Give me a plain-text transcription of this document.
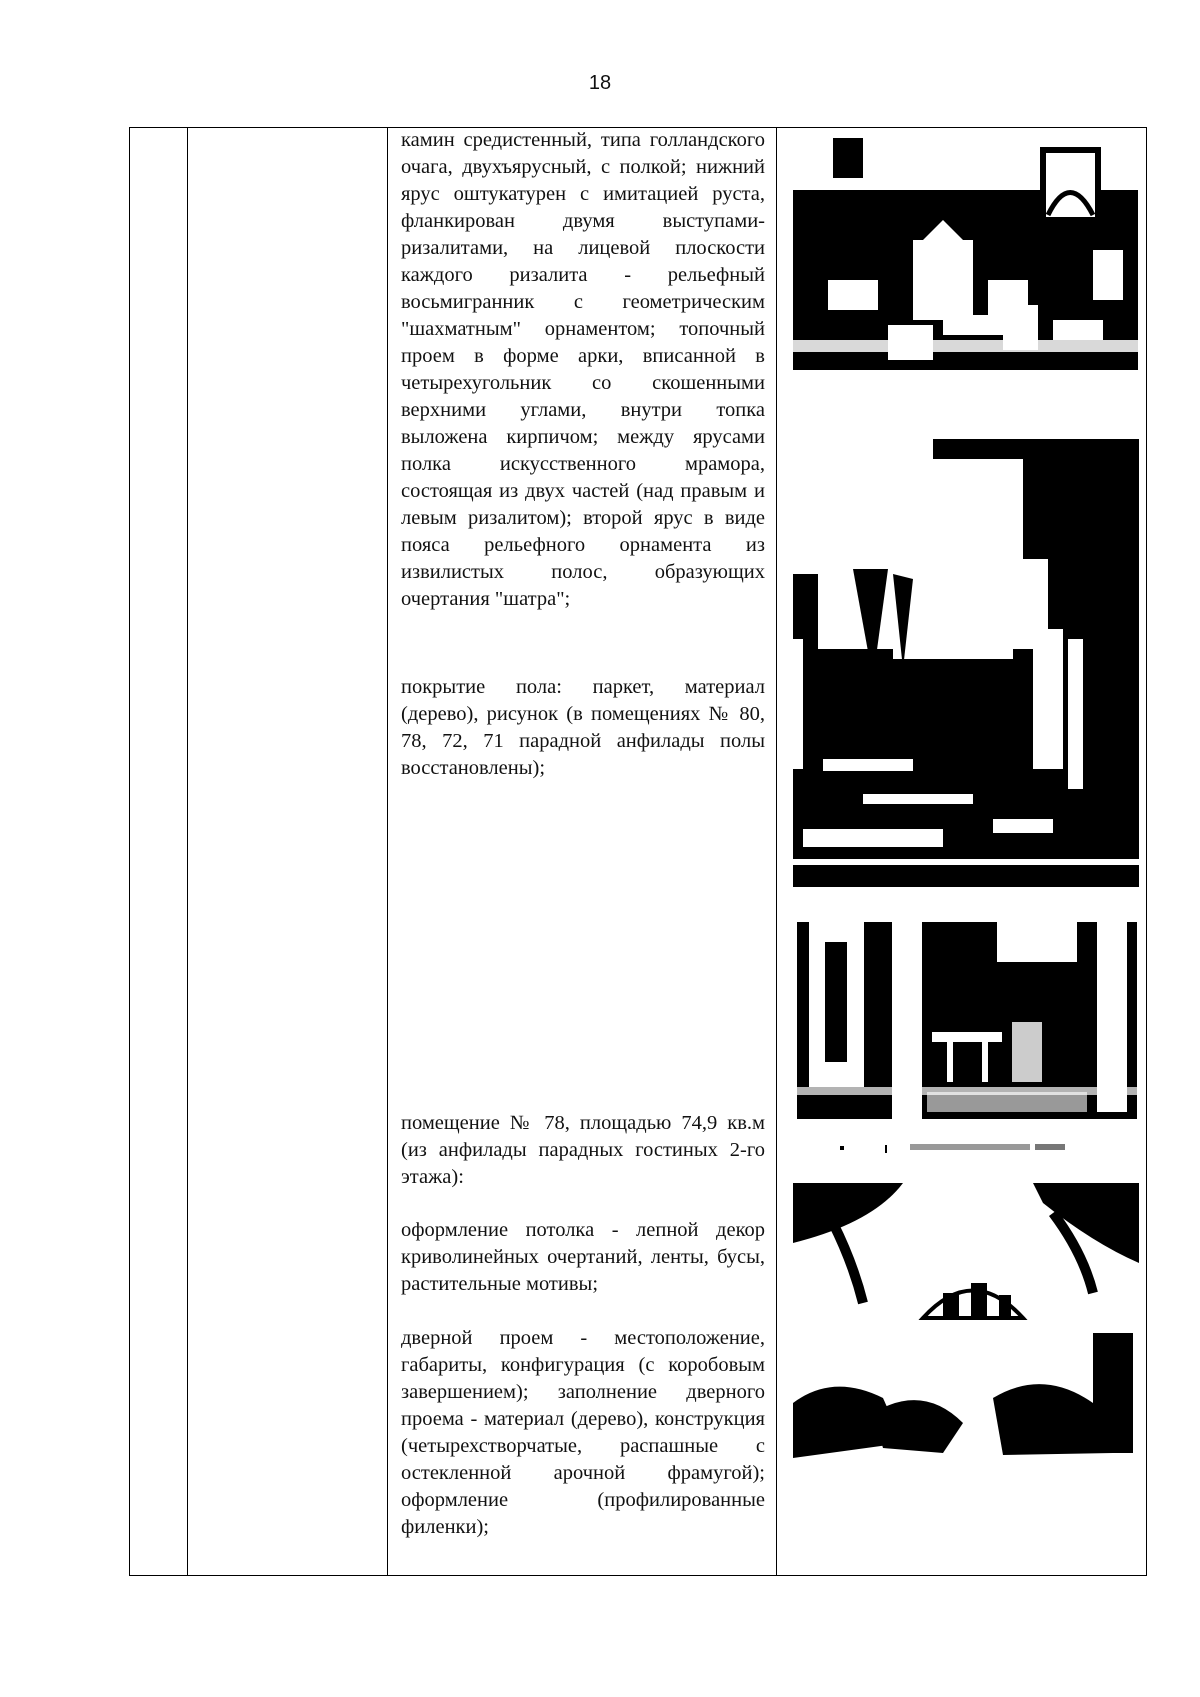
18

камин средистенный, типа голландского очага, двухъярусный, с полкой; нижний ярус оштукатурен с имитацией руста, фланкирован двумя выступами-ризалитами, на лицевой плоскости каждого ризалита - рельефный восьмигранник с геометрическим "шахматным" орнаментом; топочный проем в форме арки, вписанной в четырехугольник со скошенными верхними углами, внутри топка выложена кирпичом; между ярусами полка искусственного мрамора, состоящая из двух частей (над правым и левым ризалитом); второй ярус в виде пояса рельефного орнамента из извилистых полос, образующих очертания "шатра";

покрытие пола: паркет, материал (дерево), рисунок (в помещениях № 80, 78, 72, 71 парадной анфилады полы восстановлены);

помещение № 78, площадью 74,9 кв.м (из анфилады парадных гостиных 2-го этажа):

оформление потолка - лепной декор криволинейных очертаний, ленты, бусы, растительные мотивы;

дверной проем - местоположение, габариты, конфигурация (с коробовым завершением); заполнение дверного проема - материал (дерево), конструкция (четырехстворчатые, распашные с остекленной арочной фрамугой); оформление (профилированные филенки);
